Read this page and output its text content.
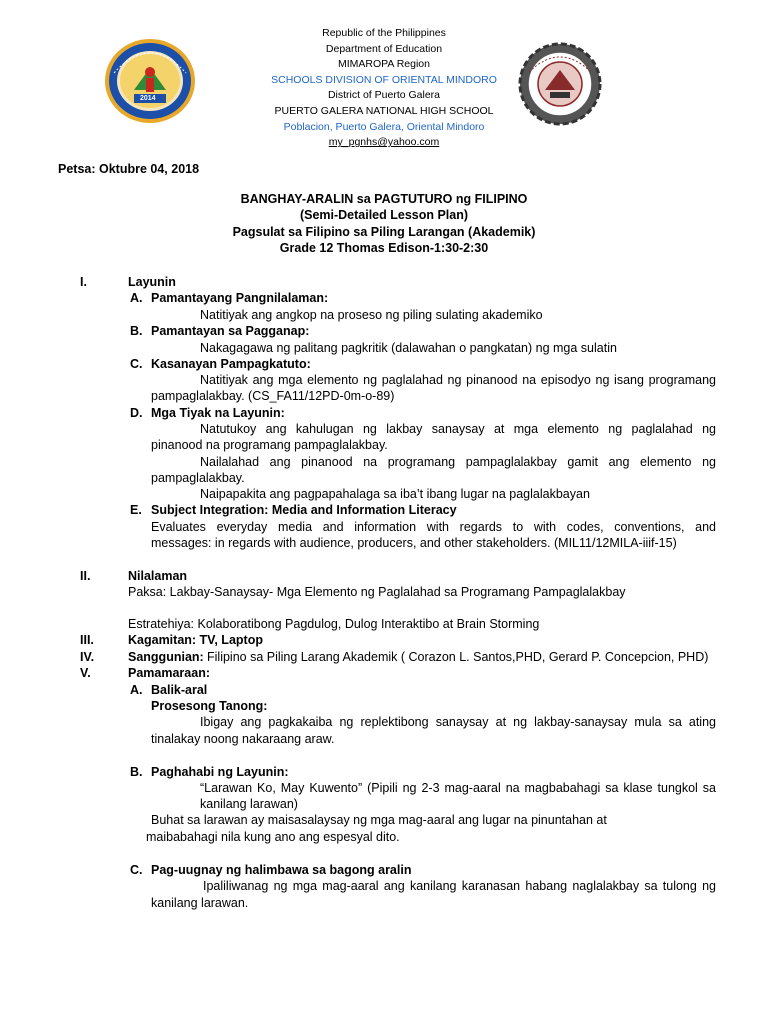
2014
Republic of the Philippines
Department of Education
MIMAROPA Region
SCHOOLS DIVISION OF ORIENTAL MINDORO
District of Puerto Galera
PUERTO GALERA NATIONAL HIGH SCHOOL
Poblacion, Puerto Galera, Oriental Mindoro
my_pgnhs@yahoo.com
Petsa: Oktubre 04, 2018
BANGHAY-ARALIN sa PAGTUTURO ng FILIPINO
(Semi-Detailed Lesson Plan)
Pagsulat sa Filipino sa Piling Larangan (Akademik)
Grade 12 Thomas Edison-1:30-2:30
I.	Layunin
A. Pamantayang Pangnilalaman:
Natitiyak ang angkop na proseso ng piling sulating akademiko
B. Pamantayan sa Pagganap:
Nakagagawa ng palitang pagkritik (dalawahan o pangkatan) ng mga sulatin
C. Kasanayan Pampagkatuto:
Natitiyak ang mga elemento ng paglalahad ng pinanood na episodyo ng isang programang
pampaglalakbay. (CS_FA11/12PD-0m-o-89)
D. Mga Tiyak na Layunin:
Natutukoy ang kahulugan ng lakbay sanaysay at mga elemento ng paglalahad ng
pinanood na programang pampaglalakbay.
Nailalahad ang pinanood na programang pampaglalakbay gamit ang elemento ng
pampaglalakbay.
Naipapakita ang pagpapahalaga sa iba’t ibang lugar na paglalakbayan
E. Subject Integration: Media and Information Literacy
Evaluates everyday media and information with regards to with codes, conventions, and
messages: in regards with audience, producers, and other stakeholders. (MIL11/12MILA-iiif-15)
II.	Nilalaman
Paksa: Lakbay-Sanaysay- Mga Elemento ng Paglalahad sa Programang Pampaglalakbay
Estratehiya: Kolaboratibong Pagdulog, Dulog Interaktibo at Brain Storming
III.	Kagamitan: TV, Laptop
IV.	Sanggunian: Filipino sa Piling Larang Akademik ( Corazon L. Santos,PHD, Gerard P. Concepcion, PHD)
V.	Pamamaraan:
A. Balik-aral
Prosesong Tanong:
Ibigay ang pagkakaiba ng replektibong sanaysay at ng lakbay-sanaysay mula sa ating
tinalakay noong nakaraang araw.
B. Paghahabi ng Layunin:
“Larawan Ko, May Kuwento” (Pipili ng 2-3 mag-aaral na magbabahagi sa klase tungkol sa
kanilang larawan)
Buhat sa larawan ay maisasalaysay ng mga mag-aaral ang lugar na pinuntahan at
maibabahagi nila kung ano ang espesyal dito.
C. Pag-uugnay ng halimbawa sa bagong aralin
Ipaliliwanag ng mga mag-aaral ang kanilang karanasan habang naglalakbay sa tulong ng
kanilang larawan.
